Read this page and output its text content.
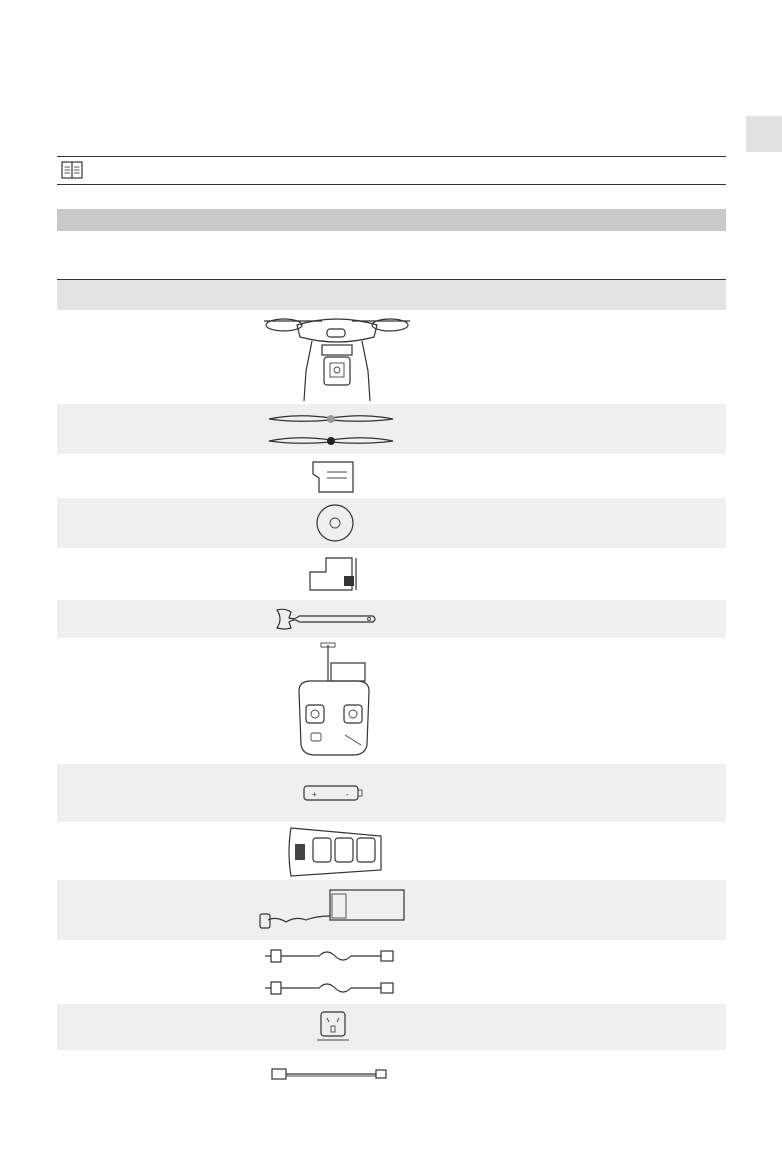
+	-
